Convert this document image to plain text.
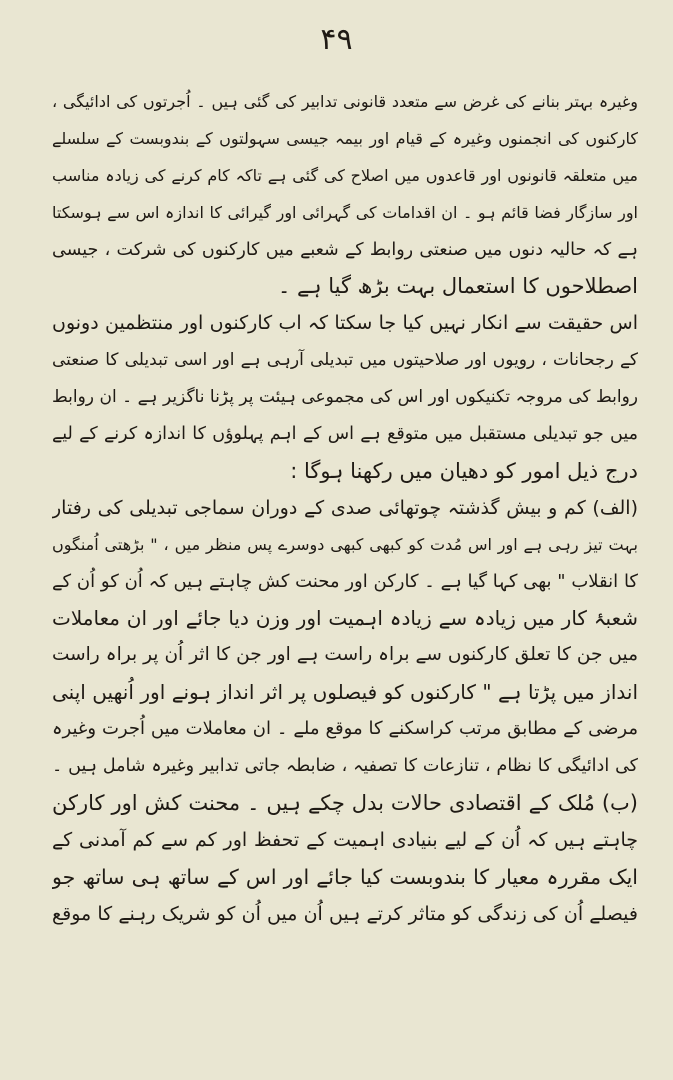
۴۹
وغیرہ بہتر بنانے کی غرض سے متعدد قانونی تدابیر کی گئی ہیں ۔ اُجرتوں کی ادائیگی ،
کارکنوں کی انجمنوں وغیرہ کے قیام اور بیمہ جیسی سہولتوں کے بندوبست کے سلسلے
میں متعلقہ قانونوں اور قاعدوں میں اصلاح کی گئی ہے تاکہ کام کرنے کی زیادہ مناسب
اور سازگار فضا قائم ہو ۔ ان اقدامات کی گہرائی اور گیرائی کا اندازہ اس سے ہوسکتا
ہے کہ حالیہ دنوں میں صنعتی روابط کے شعبے میں کارکنوں کی شرکت ، جیسی
اصطلاحوں کا استعمال بہت بڑھ گیا ہے ۔
اس حقیقت سے انکار نہیں کیا جا سکتا کہ اب کارکنوں اور منتظمین دونوں
کے رجحانات ، رویوں اور صلاحیتوں میں تبدیلی آرہی ہے اور اسی تبدیلی کا صنعتی
روابط کی مروجہ تکنیکوں اور اس کی مجموعی ہیئت پر پڑنا ناگزیر ہے ۔ ان روابط
میں جو تبدیلی مستقبل میں متوقع ہے اس کے اہم پہلوؤں کا اندازہ کرنے کے لیے
درج ذیل امور کو دھیان میں رکھنا ہوگا :
(الف) کم و بیش گذشتہ چوتھائی صدی کے دوران سماجی تبدیلی کی رفتار
بہت تیز رہی ہے اور اس مُدت کو کبھی کبھی دوسرے پس منظر میں ، " بڑھتی اُمنگوں
کا انقلاب " بھی کہا گیا ہے ۔ کارکن اور محنت کش چاہتے ہیں کہ اُن کو اُن کے
شعبۂ کار میں زیادہ سے زیادہ اہمیت اور وزن دیا جائے اور ان معاملات
میں جن کا تعلق کارکنوں سے براہ راست ہے اور جن کا اثر اُن پر براہ راست
انداز میں پڑتا ہے " کارکنوں کو فیصلوں پر اثر انداز ہونے اور اُنھیں اپنی
مرضی کے مطابق مرتب کراسکنے کا موقع ملے ۔ ان معاملات میں اُجرت وغیرہ
کی ادائیگی کا نظام ، تنازعات کا تصفیہ ، ضابطہ جاتی تدابیر وغیرہ شامل ہیں ۔
(ب) مُلک کے اقتصادی حالات بدل چکے ہیں ۔ محنت کش اور کارکن
چاہتے ہیں کہ اُن کے لیے بنیادی اہمیت کے تحفظ اور کم سے کم آمدنی کے
ایک مقررہ معیار کا بندوبست کیا جائے اور اس کے ساتھ ہی ساتھ جو
فیصلے اُن کی زندگی کو متاثر کرتے ہیں اُن میں اُن کو شریک رہنے کا موقع
